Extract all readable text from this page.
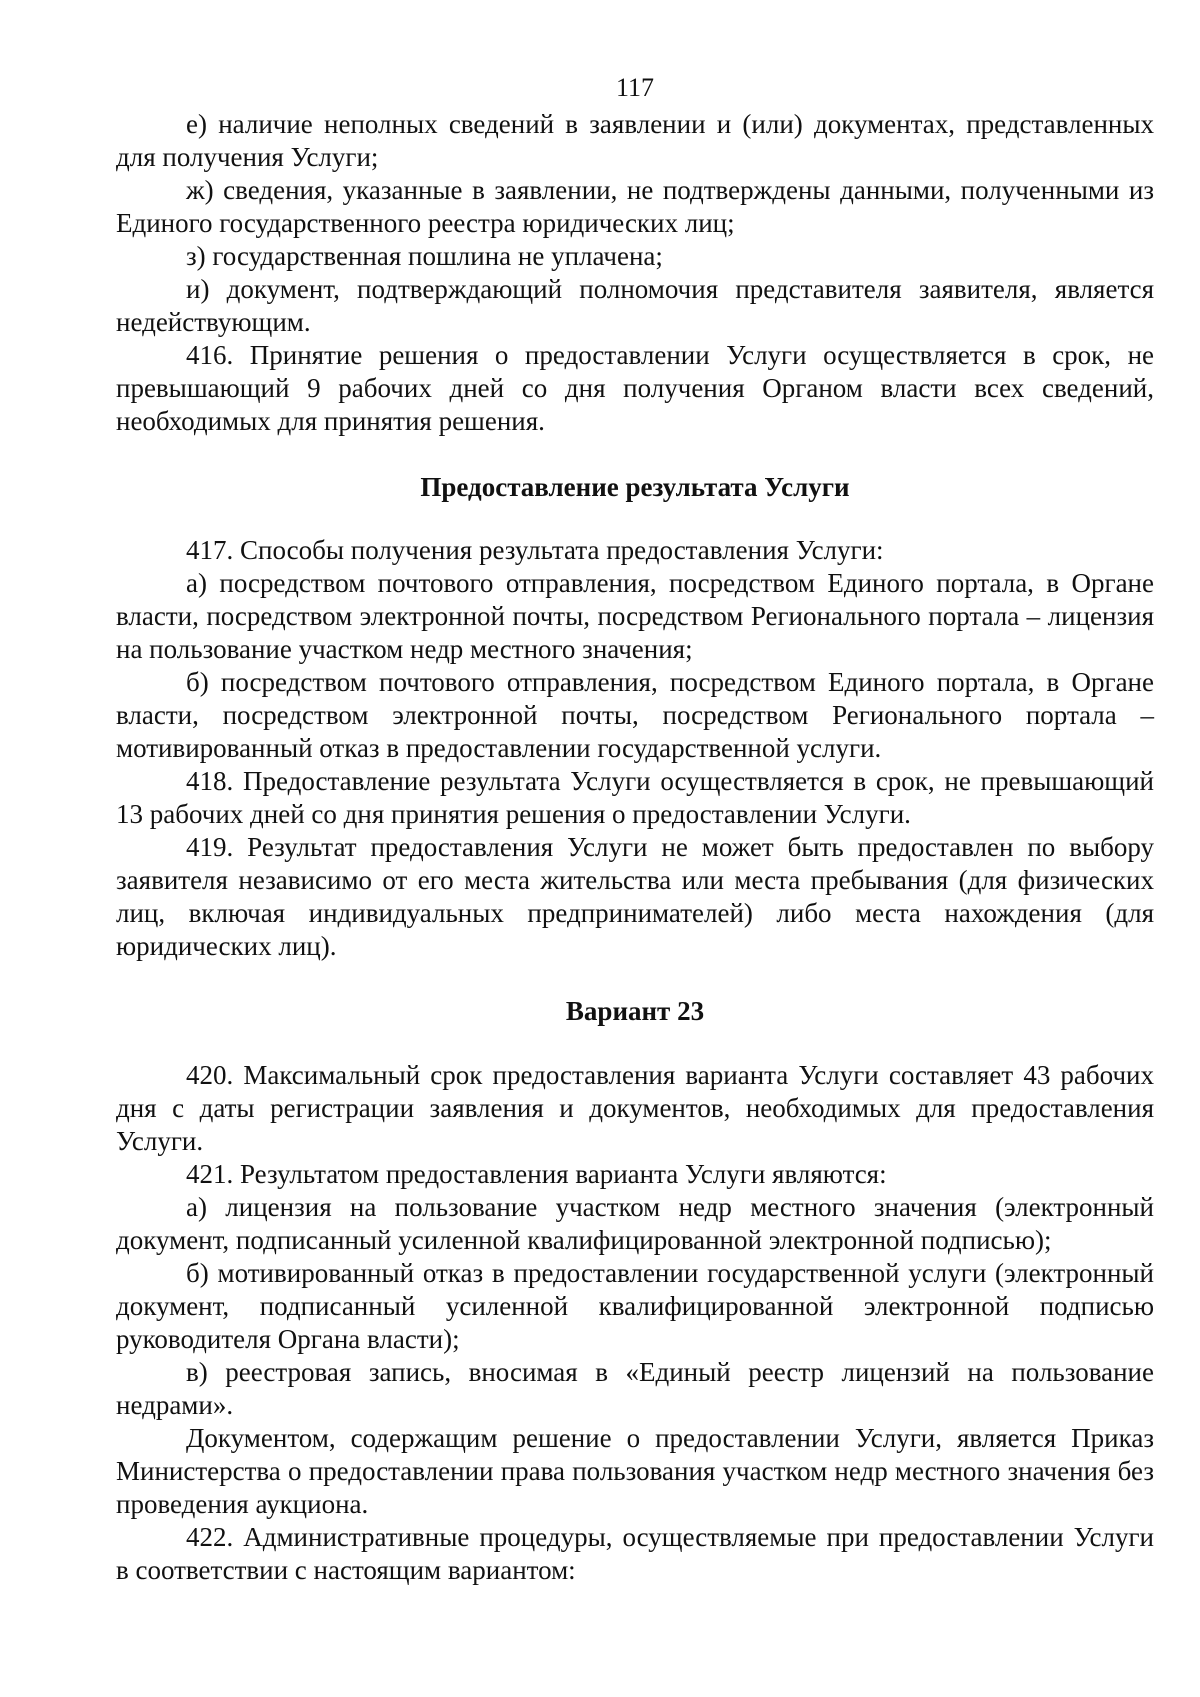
117

е) наличие неполных сведений в заявлении и (или) документах, представленных для получения Услуги;

ж) сведения, указанные в заявлении, не подтверждены данными, полученными из Единого государственного реестра юридических лиц;

з) государственная пошлина не уплачена;

и) документ, подтверждающий полномочия представителя заявителя, является недействующим.

416. Принятие решения о предоставлении Услуги осуществляется в срок, не превышающий 9 рабочих дней со дня получения Органом власти всех сведений, необходимых для принятия решения.

Предоставление результата Услуги

417. Способы получения результата предоставления Услуги:

а) посредством почтового отправления, посредством Единого портала, в Органе власти, посредством электронной почты, посредством Регионального портала – лицензия на пользование участком недр местного значения;

б) посредством почтового отправления, посредством Единого портала, в Органе власти, посредством электронной почты, посредством Регионального портала – мотивированный отказ в предоставлении государственной услуги.

418. Предоставление результата Услуги осуществляется в срок, не превышающий 13 рабочих дней со дня принятия решения о предоставлении Услуги.

419. Результат предоставления Услуги не может быть предоставлен по выбору заявителя независимо от его места жительства или места пребывания (для физических лиц, включая индивидуальных предпринимателей) либо места нахождения (для юридических лиц).

Вариант 23

420. Максимальный срок предоставления варианта Услуги составляет 43 рабочих дня с даты регистрации заявления и документов, необходимых для предоставления Услуги.

421. Результатом предоставления варианта Услуги являются:

а) лицензия на пользование участком недр местного значения (электронный документ, подписанный усиленной квалифицированной электронной подписью);

б) мотивированный отказ в предоставлении государственной услуги (электронный документ, подписанный усиленной квалифицированной электронной подписью руководителя Органа власти);

в) реестровая запись, вносимая в «Единый реестр лицензий на пользование недрами».

Документом, содержащим решение о предоставлении Услуги, является Приказ Министерства о предоставлении права пользования участком недр местного значения без проведения аукциона.

422. Административные процедуры, осуществляемые при предоставлении Услуги в соответствии с настоящим вариантом:
